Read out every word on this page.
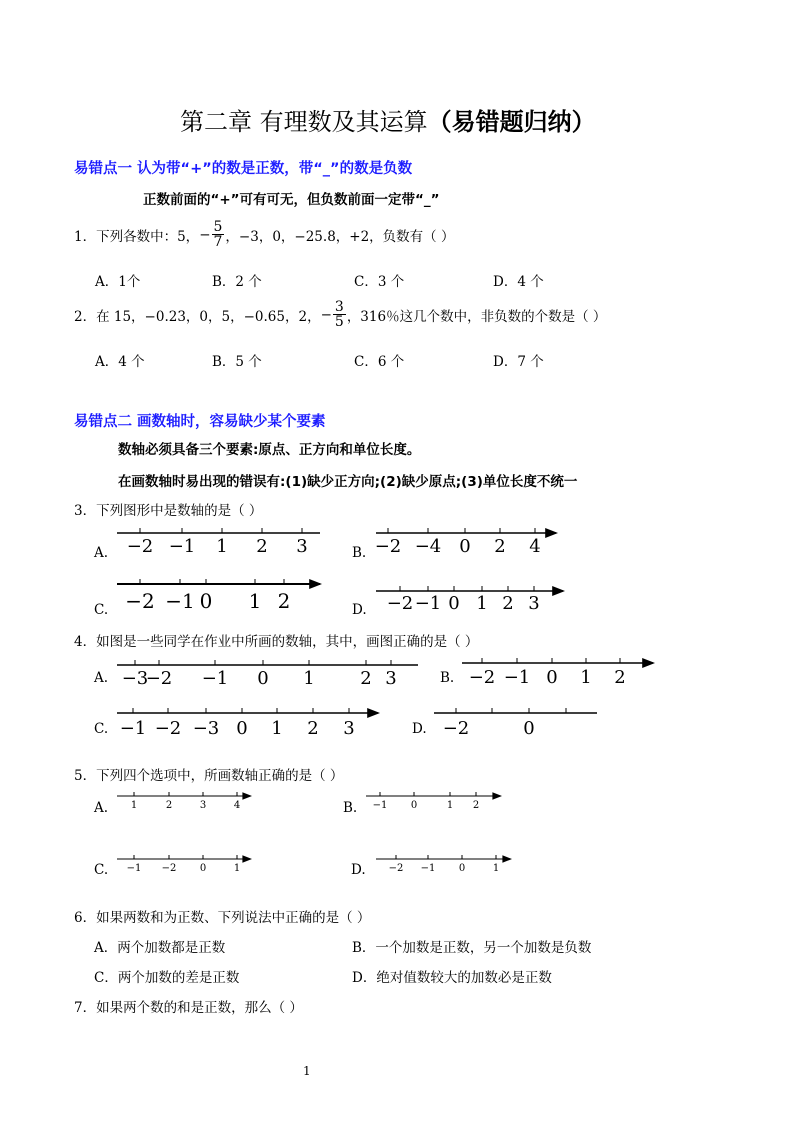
第二章 有理数及其运算（易错题归纳）
易错点一 认为带“+”的数是正数，带“_”的数是负数
正数前面的“+”可有可无，但负数前面一定带“_”
1．下列各数中：5， − $\frac{5}{7}$ ，−3，0，−25.8，+2，负数有（ ）
A．1个	B．2 个	C．3 个	D．4 个
2．在 15，−0.23，0，5，−0.65，2， − $\frac{3}{5}$ ，316％这几个数中，非负数的个数是（ ）
A．4 个	B．5 个	C．6 个	D．7 个
易错点二 画数轴时，容易缺少某个要素
数轴必须具备三个要素:原点、正方向和单位长度。
在画数轴时易出现的错误有:(1)缺少正方向;(2)缺少原点;(3)单位长度不统一
3．下列图形中是数轴的是（ ）
A.	B.
C.	D.
4．如图是一些同学在作业中所画的数轴，其中，画图正确的是（ ）
A.	B.
C.	D.
5．下列四个选项中，所画数轴正确的是（ ）
A.	B.
C.	D.
−2 −1 1 2 3	−2 −4 0 2 4
−2 −1 0 1 2	−2 −1 0 1 2 3
−3
−2 −1 0 1	2 3	−2 −1 0 1 2
−1 −2 −3 0 1 2 3	−2	0
1	2	3	4	−1 0	1 2
−1 −2 0	1	−2 −1 0	1
6．如果两数和为正数、下列说法中正确的是（ ）
A．两个加数都是正数	B．一个加数是正数，另一个加数是负数
C．两个加数的差是正数	D．绝对值数较大的加数必是正数
7．如果两个数的和是正数，那么（ ）
1
